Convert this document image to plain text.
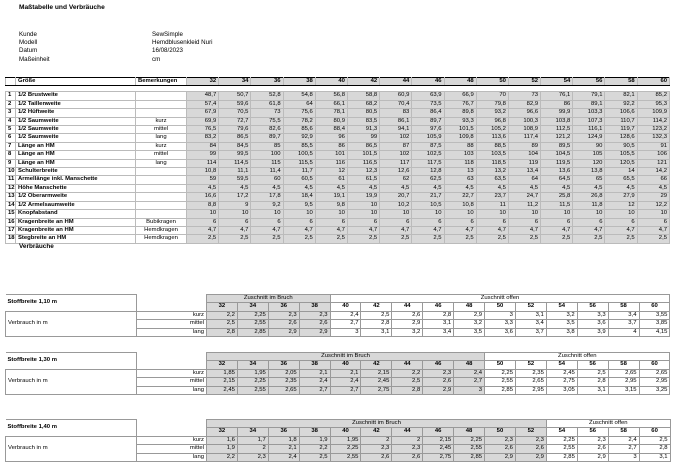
Maßtabelle und Verbräuche
Kunde	SewSimple
Modell	Hemdblusenkleid Nuri
Datum	16/08/2023
Maßeinheit	cm
	Größe	Bemerkungen	32	34	36	38	40	42	44	46	48	50	52	54	56	58	60

1	1/2 Brustweite		48,7	50,7	52,8	54,8	56,8	58,8	60,9	63,9	66,9	70	73	76,1	79,1	82,1	85,2
2	1/2 Taillenweite		57,4	59,6	61,8	64	66,1	68,2	70,4	73,5	76,7	79,8	82,9	86	89,1	92,2	95,3
3	1/2 Hüftweite		67,9	70,5	73	75,6	78,1	80,5	83	86,4	89,8	93,2	96,6	99,9	103,3	106,6	109,9
4	1/2 Saumweite	kurz	69,9	72,7	75,5	78,2	80,9	83,5	86,1	89,7	93,3	96,8	100,3	103,8	107,3	110,7	114,2
5	1/2 Saumweite	mittel	76,5	79,6	82,6	85,6	88,4	91,3	94,1	97,6	101,5	105,2	108,9	112,5	116,1	119,7	123,2
6	1/2 Saumweite	lang	83,2	86,5	89,7	92,9	96	99	102	105,9	109,8	113,6	117,4	121,2	124,9	128,6	132,3
7	Länge an HM	kurz	84	84,5	85	85,5	86	86,5	87	87,5	88	88,5	89	89,5	90	90,5	91
8	Länge an HM	mittel	99	99,5	100	100,5	101	101,5	102	102,5	103	103,5	104	104,5	105	105,5	106
9	Länge an HM	lang	114	114,5	115	115,5	116	116,5	117	117,5	118	118,5	119	119,5	120	120,5	121
10	Schulterbreite		10,8	11,1	11,4	11,7	12	12,3	12,6	12,8	13	13,2	13,4	13,6	13,8	14	14,2
11	Ärmellänge inkl. Manschette		59	59,5	60	60,5	61	61,5	62	62,5	63	63,5	64	64,5	65	65,5	66
12	Höhe Manschette		4,5	4,5	4,5	4,5	4,5	4,5	4,5	4,5	4,5	4,5	4,5	4,5	4,5	4,5	4,5
13	1/2 Oberarmweite		16,6	17,2	17,8	18,4	19,1	19,9	20,7	21,7	22,7	23,7	24,7	25,8	26,8	27,9	29
14	1/2 Ärmelsaumweite		8,8	9	9,2	9,5	9,8	10	10,2	10,5	10,8	11	11,2	11,5	11,8	12	12,2
15	Knopfabstand		10	10	10	10	10	10	10	10	10	10	10	10	10	10	10
16	Kragenbreite an HM	Bubikragen	6	6	6	6	6	6	6	6	6	6	6	6	6	6	6
17	Kragenbreite an HM	Hemdkragen	4,7	4,7	4,7	4,7	4,7	4,7	4,7	4,7	4,7	4,7	4,7	4,7	4,7	4,7	4,7
18	Stegbreite an HM	Hemdkragen	2,5	2,5	2,5	2,5	2,5	2,5	2,5	2,5	2,5	2,5	2,5	2,5	2,5	2,5	2,5
Verbräuche
Stoffbreite 1,10 m		Zuschnitt im Bruch				Zuschnitt offen										
		32	34	36	38	40	42	44	46	48	50	52	54	56	58	60
Verbrauch in m	kurz	2,2	2,25	2,3	2,3	2,4	2,5	2,6	2,8	2,9	3	3,1	3,2	3,3	3,4	3,55
	mittel	2,5	2,55	2,6	2,6	2,7	2,8	2,9	3,1	3,2	3,3	3,4	3,5	3,6	3,7	3,85
	lang	2,8	2,85	2,9	2,9	3	3,1	3,2	3,4	3,5	3,6	3,7	3,8	3,9	4	4,15
Stoffbreite 1,30 m		Zuschnitt im Bruch									Zuschnitt offen					
		32	34	36	38	40	42	44	46	48	50	52	54	56	58	60
Verbrauch in m	kurz	1,85	1,95	2,05	2,1	2,1	2,15	2,2	2,3	2,4	2,25	2,35	2,45	2,5	2,65	2,65
	mittel	2,15	2,25	2,35	2,4	2,4	2,45	2,5	2,6	2,7	2,55	2,65	2,75	2,8	2,95	2,95
	lang	2,45	2,55	2,65	2,7	2,7	2,75	2,8	2,9	3	2,85	2,95	3,05	3,1	3,15	3,25
Stoffbreite 1,40 m		Zuschnitt im Bruch											Zuschnitt offen			
		32	34	36	38	40	42	44	46	48	50	52	54	56	58	60
Verbrauch in m	kurz	1,6	1,7	1,8	1,9	1,95	2	2	2,15	2,25	2,3	2,3	2,25	2,3	2,4	2,5
	mittel	1,9	2	2,1	2,2	2,25	2,3	2,3	2,45	2,55	2,6	2,6	2,55	2,6	2,7	2,8
	lang	2,2	2,3	2,4	2,5	2,55	2,6	2,6	2,75	2,85	2,9	2,9	2,85	2,9	3	3,1
